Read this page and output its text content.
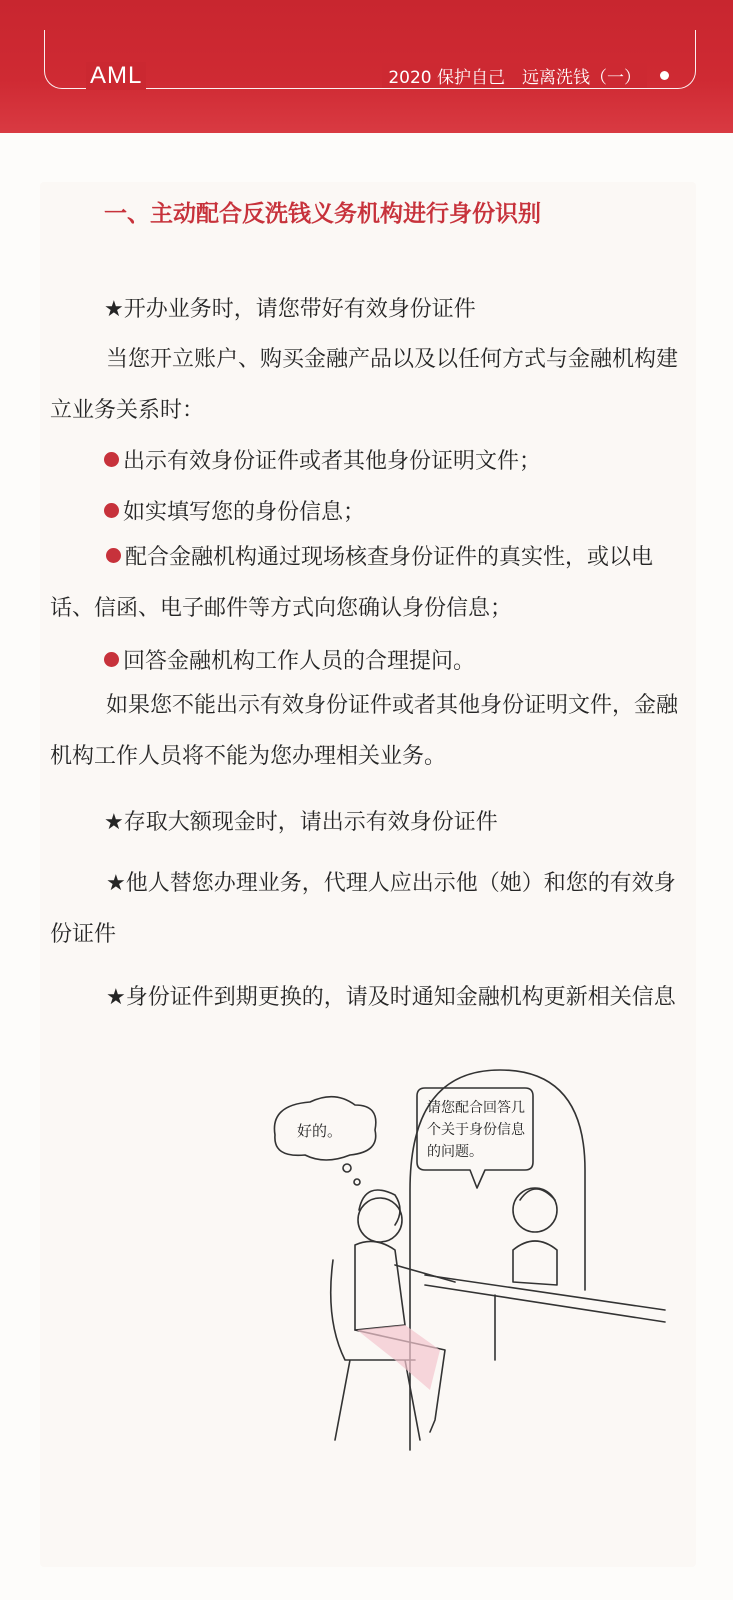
AML	2020 保护自己　远离洗钱（一）
一、主动配合反洗钱义务机构进行身份识别
★开办业务时，请您带好有效身份证件
当您开立账户、购买金融产品以及以任何方式与金融机构建立业务关系时：
出示有效身份证件或者其他身份证明文件；
如实填写您的身份信息；
配合金融机构通过现场核查身份证件的真实性，或以电话、信函、电子邮件等方式向您确认身份信息；
回答金融机构工作人员的合理提问。
如果您不能出示有效身份证件或者其他身份证明文件，金融机构工作人员将不能为您办理相关业务。
★存取大额现金时，请出示有效身份证件
★他人替您办理业务，代理人应出示他（她）和您的有效身份证件
★身份证件到期更换的，请及时通知金融机构更新相关信息
好的。
请您配合回答几 个关于身份信息 的问题。
